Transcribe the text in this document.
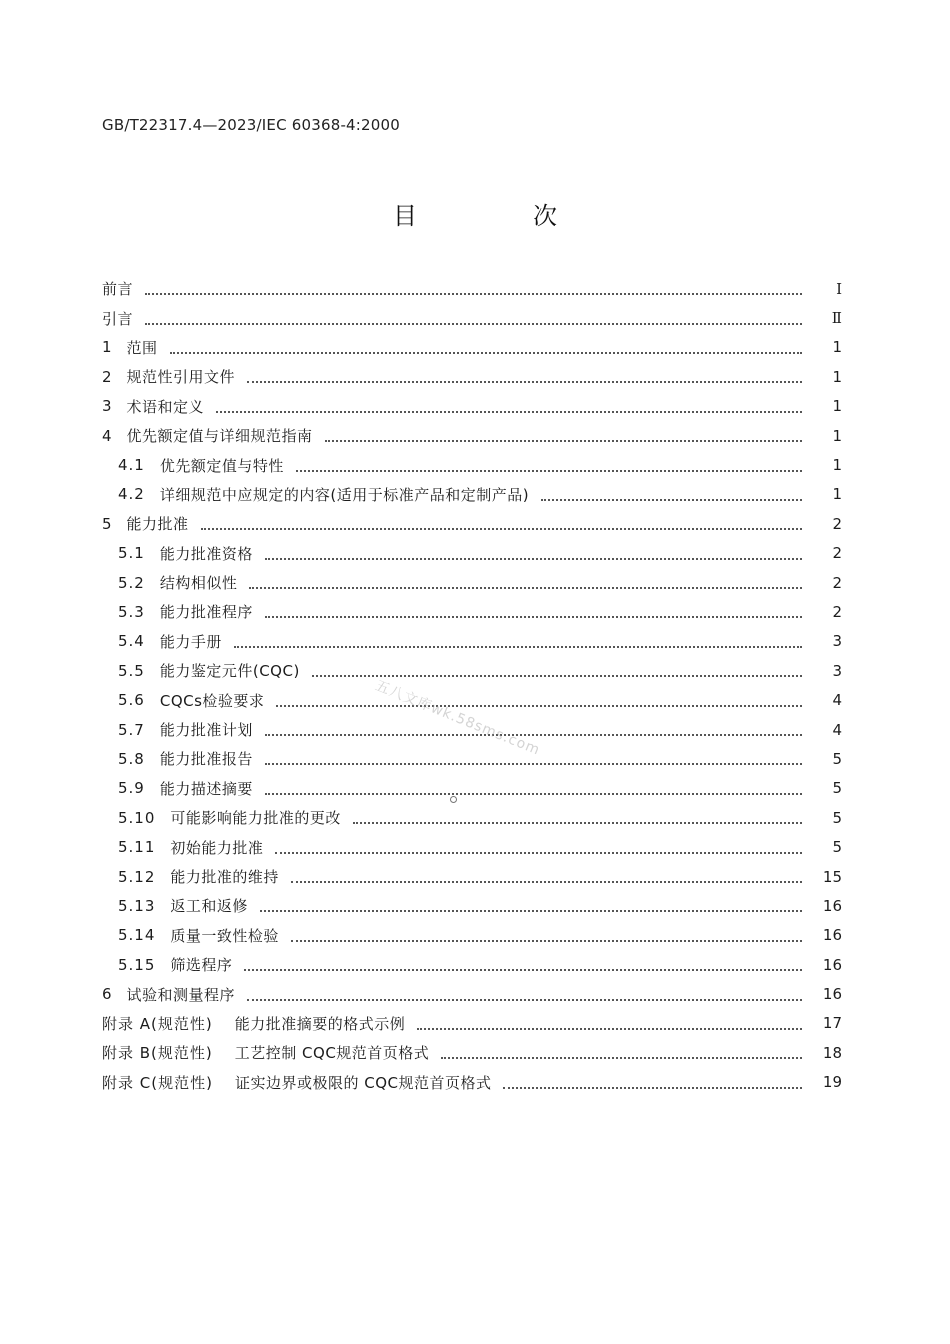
GB/T22317.4—2023/IEC 60368-4:2000
目　次
前言	Ⅰ
引言	Ⅱ
1 范围	1
2 规范性引用文件	1
3 术语和定义	1
4 优先额定值与详细规范指南	1
4.1 优先额定值与特性	1
4.2 详细规范中应规定的内容(适用于标准产品和定制产品)	1
5 能力批准	2
5.1 能力批准资格	2
5.2 结构相似性	2
5.3 能力批准程序	2
5.4 能力手册	3
5.5 能力鉴定元件(CQC)	3
5.6 CQCs检验要求	4
5.7 能力批准计划	4
5.8 能力批准报告	5
5.9 能力描述摘要	5
5.10 可能影响能力批准的更改	5
5.11 初始能力批准	5
5.12 能力批准的维持	15
5.13 返工和返修	16
5.14 质量一致性检验	16
5.15 筛选程序	16
6 试验和测量程序	16
附录 A(规范性) 能力批准摘要的格式示例	17
附录 B(规范性) 工艺控制 CQC规范首页格式	18
附录 C(规范性) 证实边界或极限的 CQC规范首页格式	19
五八文库wk.58sms.com
